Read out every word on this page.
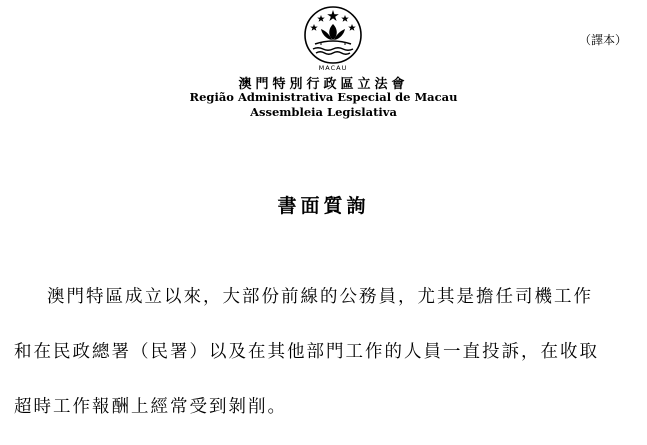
MACAU
（譯本）
澳門特別行政區立法會
Região Administrativa Especial de Macau
Assembleia Legislativa
書面質詢
澳門特區成立以來，大部份前線的公務員，尤其是擔任司機工作
和在民政總署（民署）以及在其他部門工作的人員一直投訴，在收取
超時工作報酬上經常受到剝削。
